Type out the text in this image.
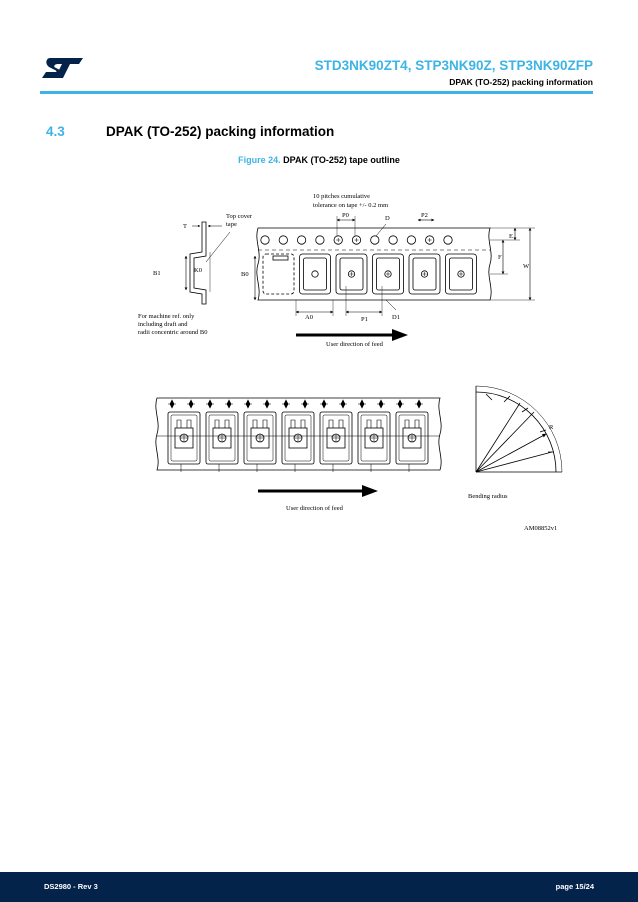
STD3NK90ZT4, STP3NK90Z, STP3NK90ZFP
DPAK (TO-252) packing information
4.3	DPAK (TO-252) packing information
Figure 24. DPAK (TO-252) tape outline
10 pitches cumulative
tolerance on tape +/- 0.2 mm
P0	D	P2
E
F
W
T
Top cover
tape
B1	K0
B0
A0	P1	D1
For machine ref. only
including draft and
radii concentric around B0
User direction of feed
User direction of feed
Bending radius
R
AM08852v1
DS2980 - Rev 3	page 15/24
